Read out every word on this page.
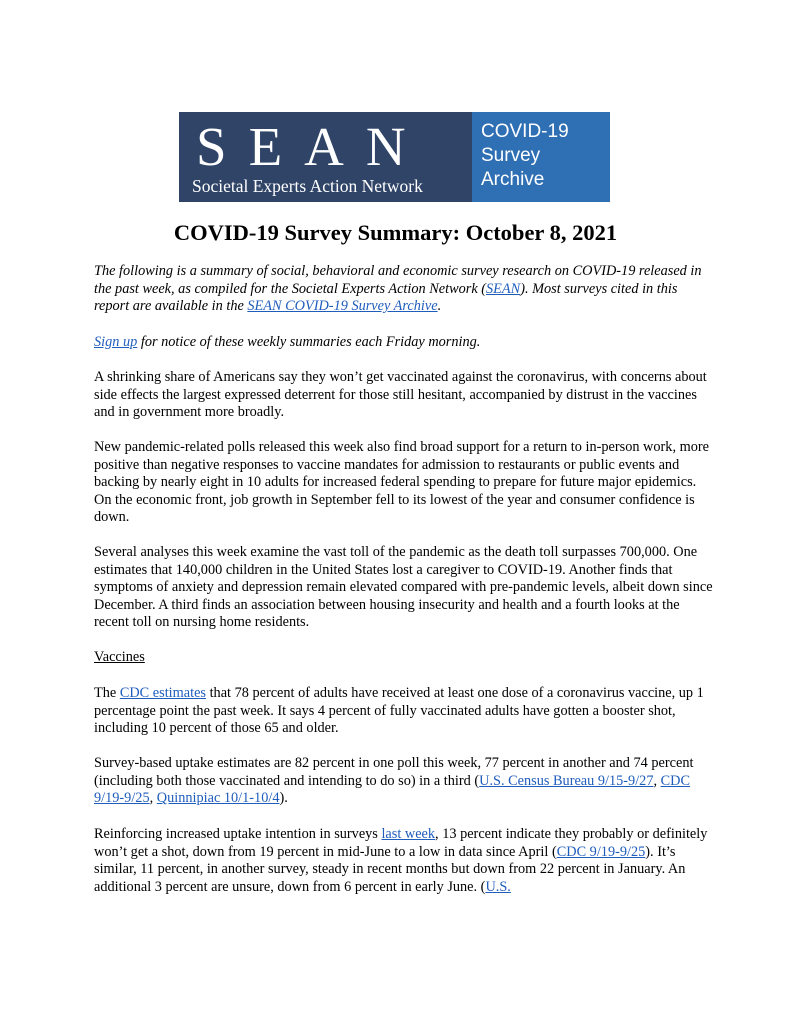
SEAN
Societal Experts Action Network
COVID-19
Survey
Archive
COVID-19 Survey Summary: October 8, 2021

The following is a summary of social, behavioral and economic survey research on COVID-19 released in the past week, as compiled for the Societal Experts Action Network (SEAN). Most surveys cited in this report are available in the SEAN COVID-19 Survey Archive.

Sign up for notice of these weekly summaries each Friday morning.

A shrinking share of Americans say they won’t get vaccinated against the coronavirus, with concerns about side effects the largest expressed deterrent for those still hesitant, accompanied by distrust in the vaccines and in government more broadly.

New pandemic-related polls released this week also find broad support for a return to in-person work, more positive than negative responses to vaccine mandates for admission to restaurants or public events and backing by nearly eight in 10 adults for increased federal spending to prepare for future major epidemics. On the economic front, job growth in September fell to its lowest of the year and consumer confidence is down.

Several analyses this week examine the vast toll of the pandemic as the death toll surpasses 700,000. One estimates that 140,000 children in the United States lost a caregiver to COVID-19. Another finds that symptoms of anxiety and depression remain elevated compared with pre-pandemic levels, albeit down since December. A third finds an association between housing insecurity and health and a fourth looks at the recent toll on nursing home residents.

Vaccines

The CDC estimates that 78 percent of adults have received at least one dose of a coronavirus vaccine, up 1 percentage point the past week. It says 4 percent of fully vaccinated adults have gotten a booster shot, including 10 percent of those 65 and older.

Survey-based uptake estimates are 82 percent in one poll this week, 77 percent in another and 74 percent (including both those vaccinated and intending to do so) in a third (U.S. Census Bureau 9/15-9/27, CDC 9/19-9/25, Quinnipiac 10/1-10/4).

Reinforcing increased uptake intention in surveys last week, 13 percent indicate they probably or definitely won’t get a shot, down from 19 percent in mid-June to a low in data since April (CDC 9/19-9/25). It’s similar, 11 percent, in another survey, steady in recent months but down from 22 percent in January. An additional 3 percent are unsure, down from 6 percent in early June. (U.S.
